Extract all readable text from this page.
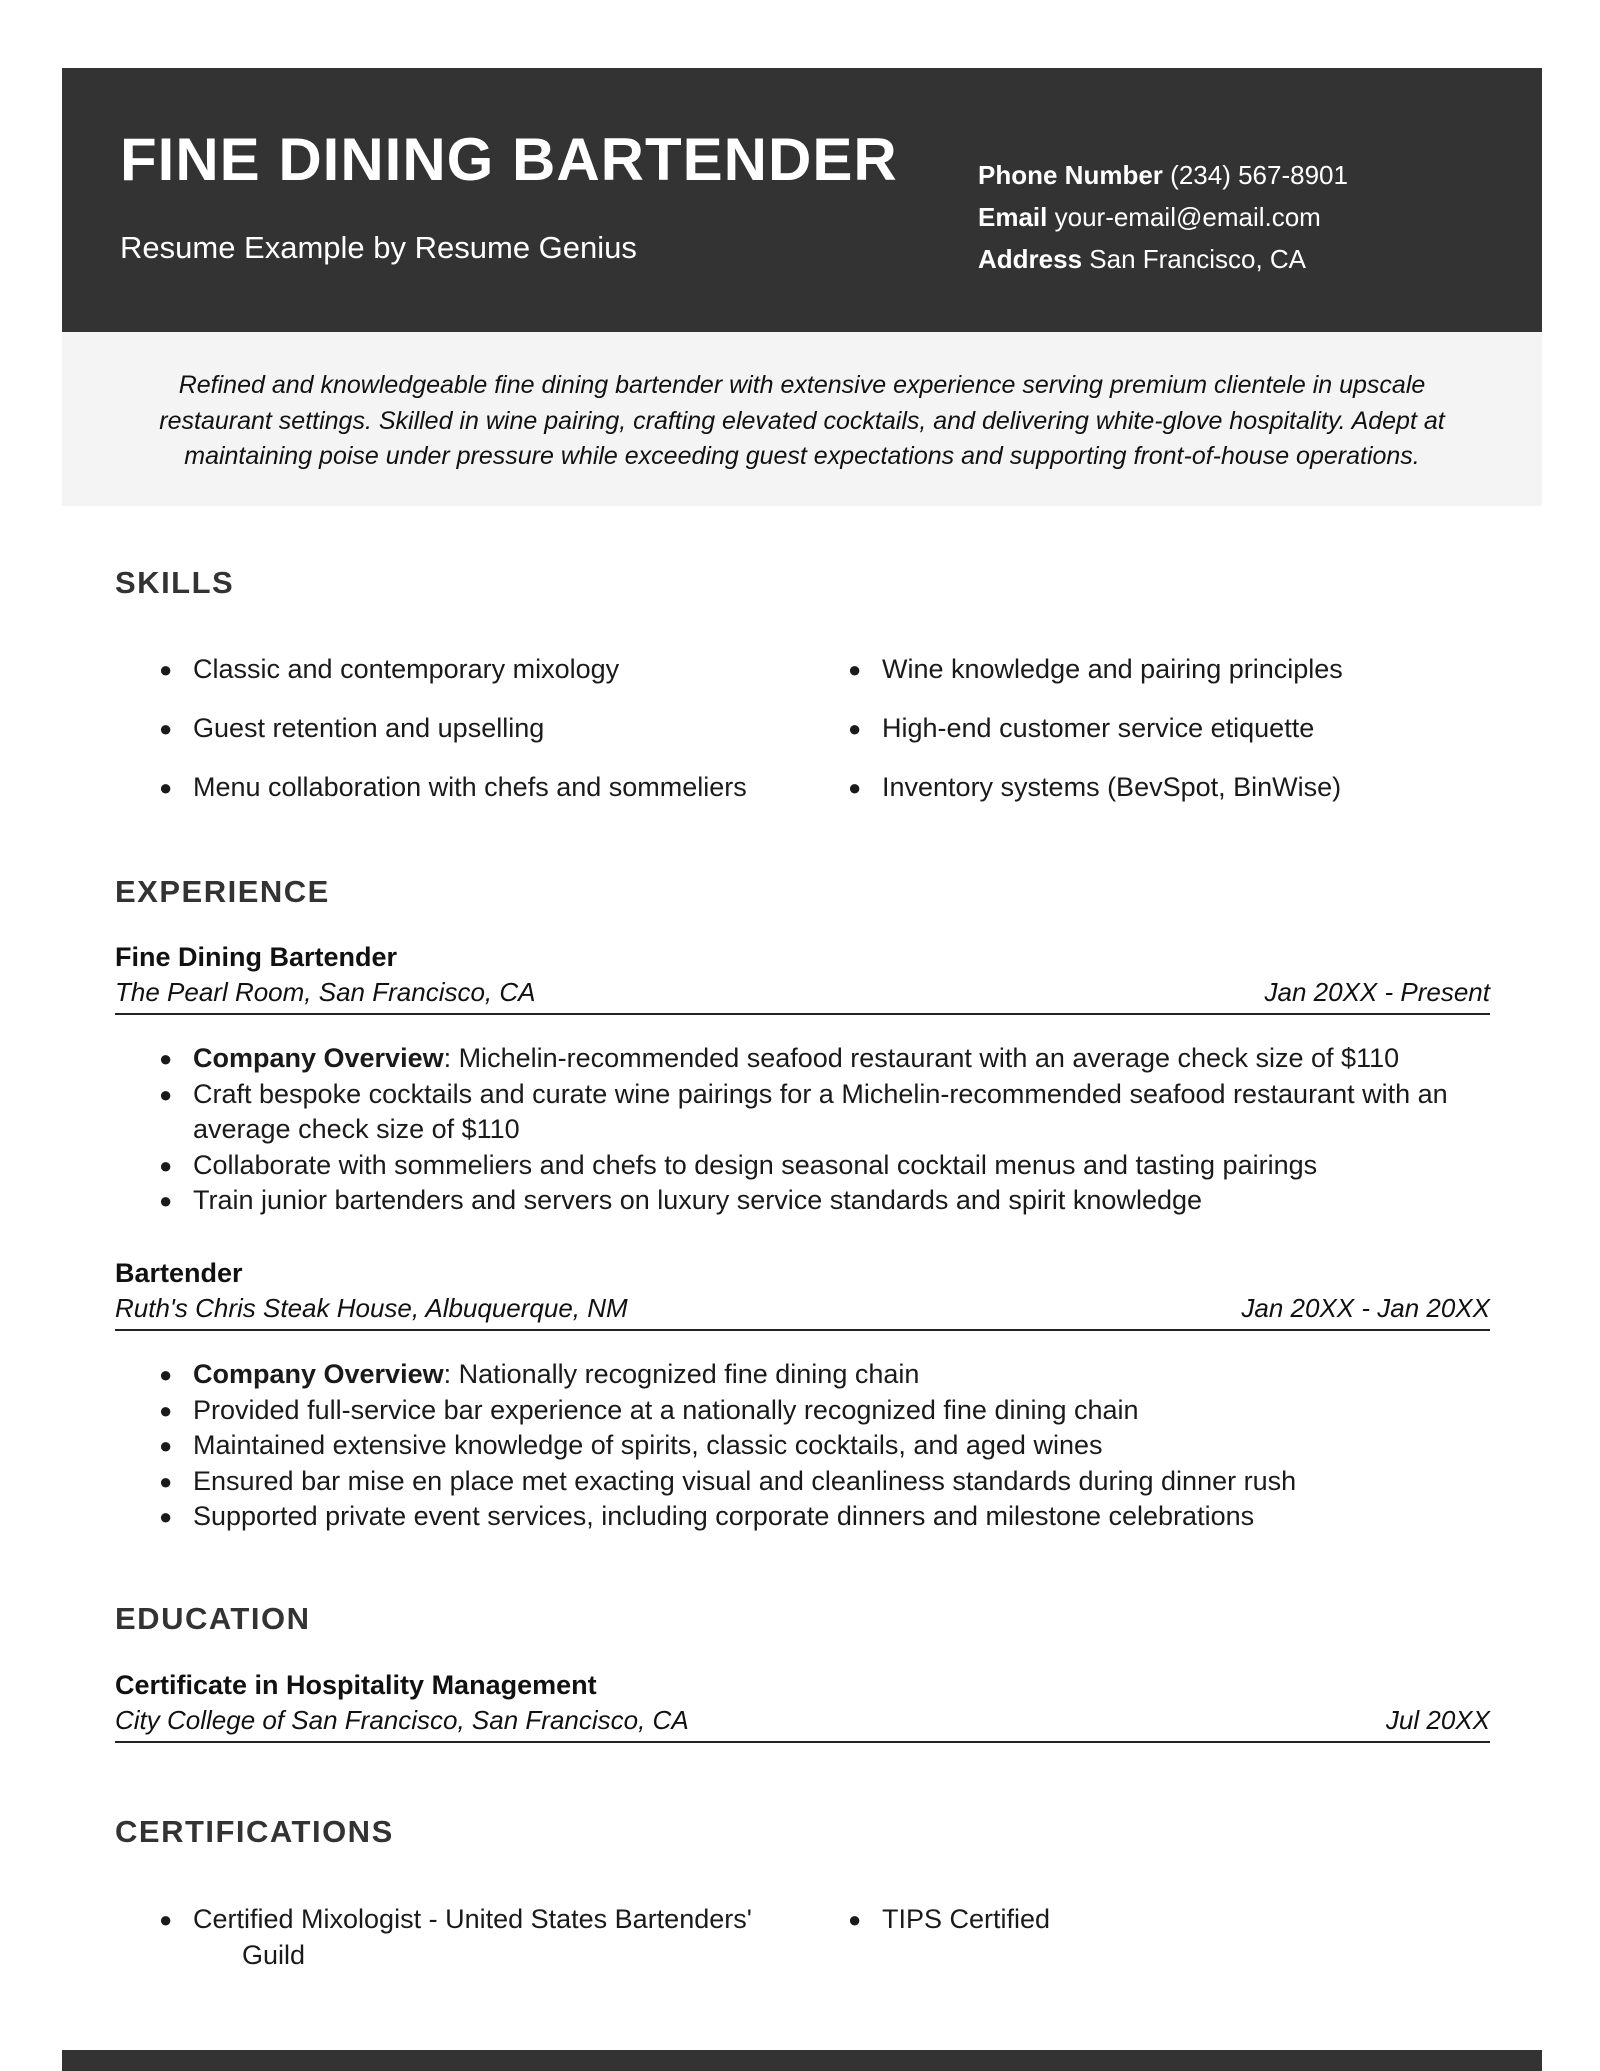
FINE DINING BARTENDER
Resume Example by Resume Genius
Phone Number (234) 567-8901
Email your-email@email.com
Address San Francisco, CA
Refined and knowledgeable fine dining bartender with extensive experience serving premium clientele in upscale restaurant settings. Skilled in wine pairing, crafting elevated cocktails, and delivering white-glove hospitality. Adept at maintaining poise under pressure while exceeding guest expectations and supporting front-of-house operations.
SKILLS
● Classic and contemporary mixology	● Wine knowledge and pairing principles
● Guest retention and upselling	● High-end customer service etiquette
● Menu collaboration with chefs and sommeliers	● Inventory systems (BevSpot, BinWise)
EXPERIENCE
Fine Dining Bartender
The Pearl Room, San Francisco, CA	Jan 20XX - Present
● Company Overview: Michelin-recommended seafood restaurant with an average check size of $110
● Craft bespoke cocktails and curate wine pairings for a Michelin-recommended seafood restaurant with an average check size of $110
● Collaborate with sommeliers and chefs to design seasonal cocktail menus and tasting pairings
● Train junior bartenders and servers on luxury service standards and spirit knowledge
Bartender
Ruth's Chris Steak House, Albuquerque, NM	Jan 20XX - Jan 20XX
● Company Overview: Nationally recognized fine dining chain
● Provided full-service bar experience at a nationally recognized fine dining chain
● Maintained extensive knowledge of spirits, classic cocktails, and aged wines
● Ensured bar mise en place met exacting visual and cleanliness standards during dinner rush
● Supported private event services, including corporate dinners and milestone celebrations
EDUCATION
Certificate in Hospitality Management
City College of San Francisco, San Francisco, CA	Jul 20XX
CERTIFICATIONS
● Certified Mixologist - United States Bartenders'
Guild
● TIPS Certified
